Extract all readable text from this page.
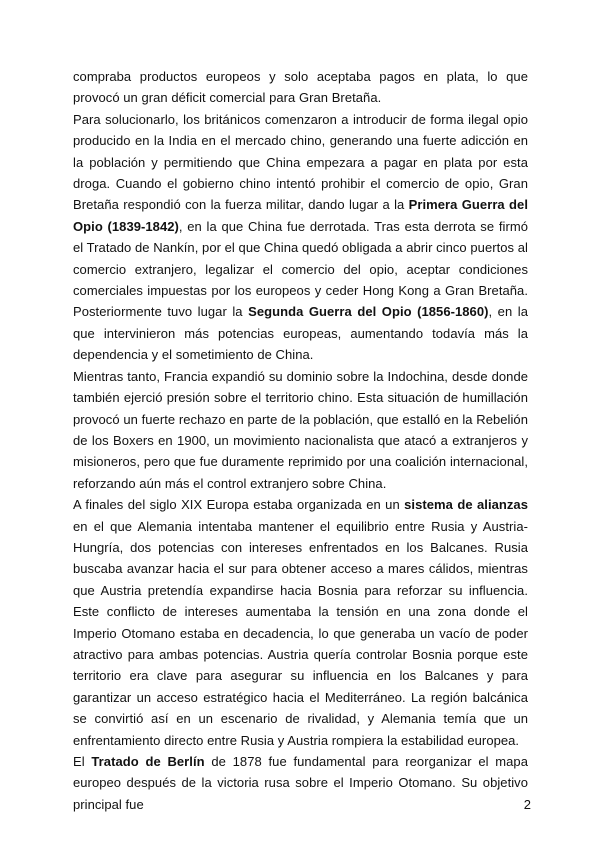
compraba productos europeos y solo aceptaba pagos en plata, lo que provocó un gran déficit comercial para Gran Bretaña.

Para solucionarlo, los británicos comenzaron a introducir de forma ilegal opio producido en la India en el mercado chino, generando una fuerte adicción en la población y permitiendo que China empezara a pagar en plata por esta droga. Cuando el gobierno chino intentó prohibir el comercio de opio, Gran Bretaña respondió con la fuerza militar, dando lugar a la Primera Guerra del Opio (1839-1842), en la que China fue derrotada. Tras esta derrota se firmó el Tratado de Nankín, por el que China quedó obligada a abrir cinco puertos al comercio extranjero, legalizar el comercio del opio, aceptar condiciones comerciales impuestas por los europeos y ceder Hong Kong a Gran Bretaña. Posteriormente tuvo lugar la Segunda Guerra del Opio (1856-1860), en la que intervinieron más potencias europeas, aumentando todavía más la dependencia y el sometimiento de China.

Mientras tanto, Francia expandió su dominio sobre la Indochina, desde donde también ejerció presión sobre el territorio chino. Esta situación de humillación provocó un fuerte rechazo en parte de la población, que estalló en la Rebelión de los Boxers en 1900, un movimiento nacionalista que atacó a extranjeros y misioneros, pero que fue duramente reprimido por una coalición internacional, reforzando aún más el control extranjero sobre China.

A finales del siglo XIX Europa estaba organizada en un sistema de alianzas en el que Alemania intentaba mantener el equilibrio entre Rusia y Austria-Hungría, dos potencias con intereses enfrentados en los Balcanes. Rusia buscaba avanzar hacia el sur para obtener acceso a mares cálidos, mientras que Austria pretendía expandirse hacia Bosnia para reforzar su influencia. Este conflicto de intereses aumentaba la tensión en una zona donde el Imperio Otomano estaba en decadencia, lo que generaba un vacío de poder atractivo para ambas potencias. Austria quería controlar Bosnia porque este territorio era clave para asegurar su influencia en los Balcanes y para garantizar un acceso estratégico hacia el Mediterráneo. La región balcánica se convirtió así en un escenario de rivalidad, y Alemania temía que un enfrentamiento directo entre Rusia y Austria rompiera la estabilidad europea.

El Tratado de Berlín de 1878 fue fundamental para reorganizar el mapa europeo después de la victoria rusa sobre el Imperio Otomano. Su objetivo principal fue	2
